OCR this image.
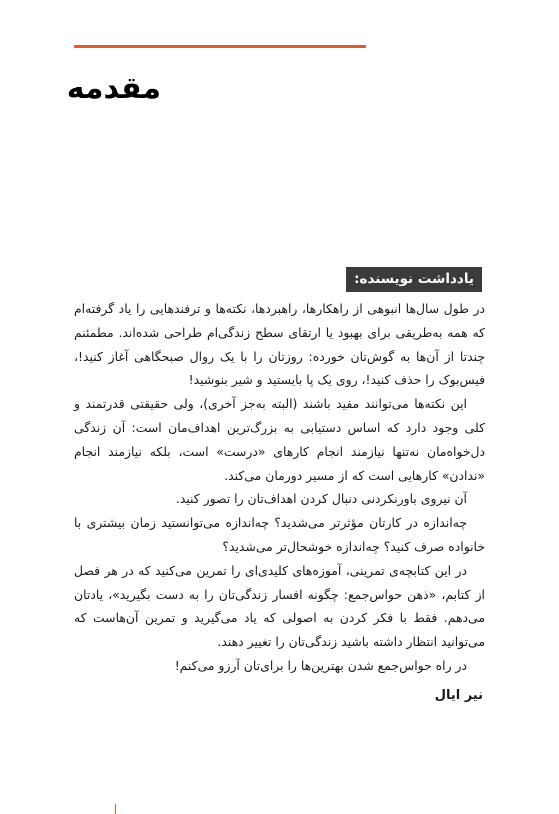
مقدمه
یادداشت نویسنده:

در طول سال‌ها انبوهی از راهکارها، راهبردها، نکته‌ها و ترفندهایی را یاد گرفته‌ام که همه به‌طریقی برای بهبود یا ارتقای سطح زندگی‌ام طراحی شده‌اند. مطمئنم چندتا از آن‌ها به گوش‌تان خورده: روزتان را با یک روال صبحگاهی آغاز کنید!، فیس‌بوک را حذف کنید!، روی یک پا بایستید و شیر بنوشید!

این نکته‌ها می‌توانند مفید باشند (البته به‌جز آخری)، ولی حقیقتی قدرتمند و کلی وجود دارد که اساس دستیابی به بزرگ‌ترین اهداف‌مان است: آن زندگی دل‌خواه‌مان نه‌تنها نیازمند انجام کارهای «درست» است، بلکه نیازمند انجام «ندادن» کارهایی است که از مسیر دورمان می‌کند.

آن نیروی باورنکردنی دنبال کردن اهداف‌تان را تصور کنید.

چه‌اندازه در کارتان مؤثرتر می‌شدید؟ چه‌اندازه می‌توانستید زمان بیشتری با خانواده صرف کنید؟ چه‌اندازه خوشحال‌تر می‌شدید؟

در این کتابچه‌ی تمرینی، آموزه‌های کلیدی‌ای را تمرین می‌کنید که در هر فصل از کتابم، «ذهن حواس‌جمع: چگونه افسار زندگی‌تان را به دست بگیرید»، یادتان می‌دهم. فقط با فکر کردن به اصولی که یاد می‌گیرید و تمرین آن‌هاست که می‌توانید انتظار داشته باشید زندگی‌تان را تغییر دهند.

در راه حواس‌جمع شدن بهترین‌ها را برای‌تان آرزو می‌کنم!

نیر ایال
